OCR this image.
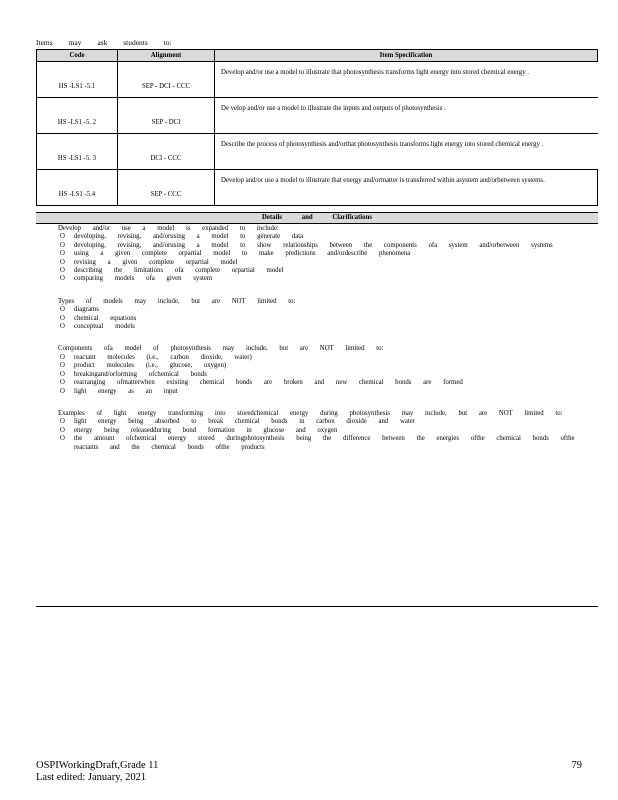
Items may ask students to:
Code	Alignment	Item Specification
HS -LS1 -5.1	SEP - DCI - CCC	Develop and/or use a model to illustrate that photosynthesis transforms light energy into stored chemical energy .
HS -LS1 -5. 2	SEP - DCI	De velop and/or use a model to illustrate the inputs and outputs of photosynthesis .
HS -LS1 -5. 3	DCI - CCC	Describe the process of photosynthesis and/orthat photosynthesis transforms light energy into stored chemical energy .
HS -LS1 -5.4	SEP - CCC	Develop and/or use a model to illustrate that energy and/ormatter is transferred within asystem and/orbetween systems.
Details and Clarifications
Develop and/or use a model is expanded to include:
O	developing, revising, and/orusing a model to generate data
O	developing, revising, and/orusing a model to show relationships between the components ofa system and/orbetween systems
O	using a given complete orpartial model to make predictions and/ordescribe phenomena
O	revising a given complete orpartial model
O	describing the limitations ofa complete orpartial model
O	comparing models ofa given system
Types of models may include, but are NOT limited to:
O	diagrams
O	chemical equations
O	conceptual models
Components ofa model of photosynthesis may include, but are NOT limited to:
O	reactant molecules (i.e., carbon dioxide, water)
O	product molecules (i.e., glucose, oxygen)
O	breakingand/orforming ofchemical bonds
O	rearranging ofmatterwhen existing chemical bonds are broken and new chemical bonds are formed
O	light energy as an input
Examples of light energy transforming into storedchemical energy during photosynthesis may include, but are NOT limited to:
O	light energy being absorbed to break chemical bonds in carbon dioxide and water
O	energy being releasedduring bond formation in glucose and oxygen
O	the amount ofchemical energy stored duringphotosynthesis being the difference between the energies ofthe chemical bonds ofthe reactants and the chemical bonds ofthe products
OSPIWorkingDraft,Grade 11
Last edited: January, 2021
79
